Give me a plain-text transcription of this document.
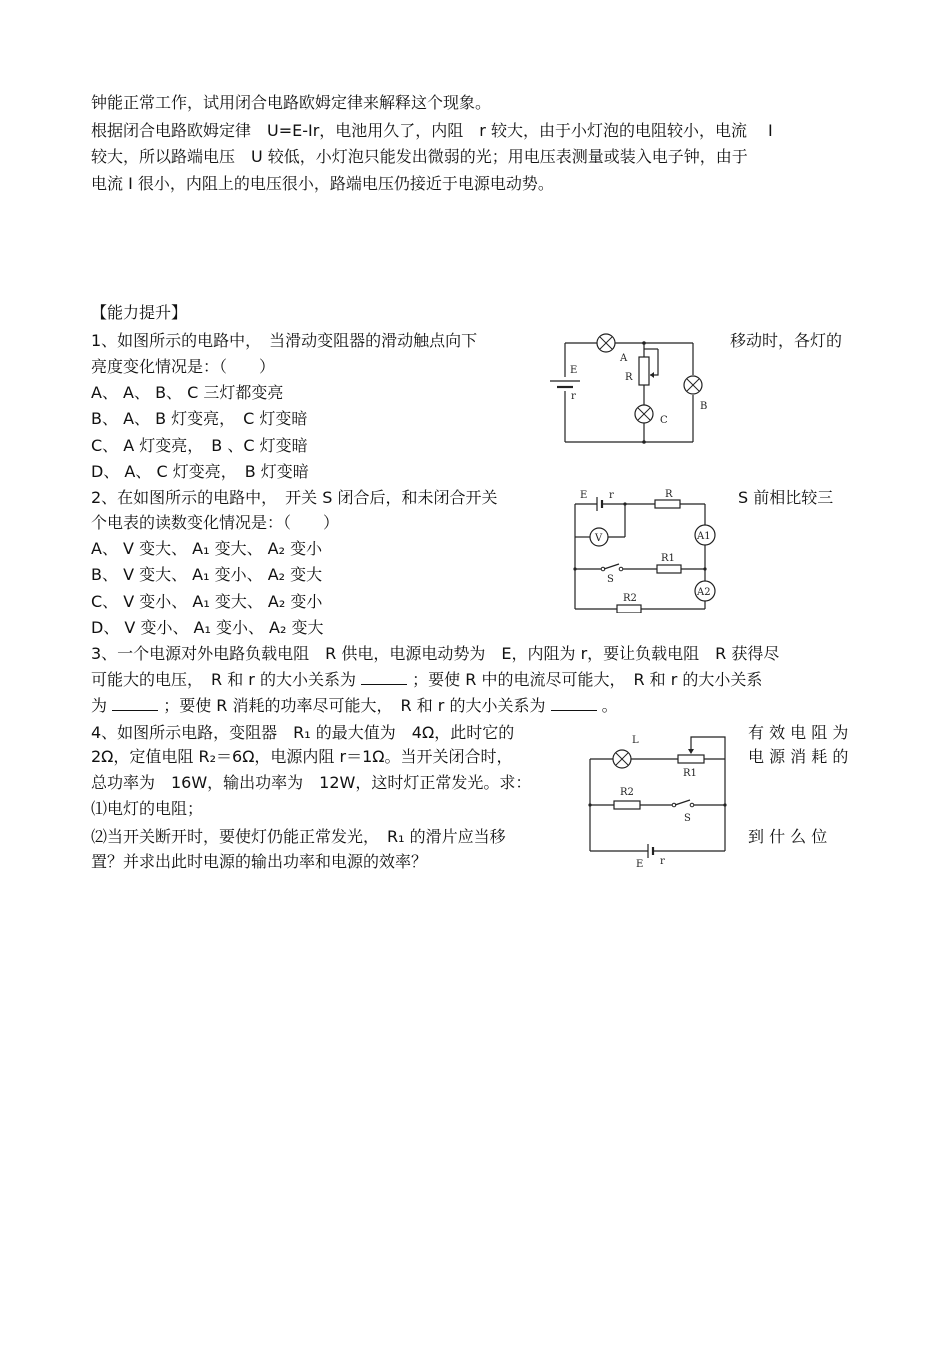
钟能正常工作，试用闭合电路欧姆定律来解释这个现象。
根据闭合电路欧姆定律　U=E-Ir，电池用久了，内阻　r 较大，由于小灯泡的电阻较小，电流　 I
较大，所以路端电压　U 较低，小灯泡只能发出微弱的光；用电压表测量或装入电子钟，由于
电流 I 很小，内阻上的电压很小，路端电压仍接近于电源电动势。
【能力提升】
1、如图所示的电路中，　当滑动变阻器的滑动触点向下	移动时，各灯的
亮度变化情况是：（　　）
A、 A、 B、 C 三灯都变亮
B、 A、 B 灯变亮，　C 灯变暗
C、 A 灯变亮，　B 、C 灯变暗
D、 A、 C 灯变亮，　B 灯变暗
E
r
A
R
C
B
2、在如图所示的电路中，　开关 S 闭合后，和未闭合开关	S 前相比较三
个电表的读数变化情况是：（　　）
A、 V 变大、 A₁ 变大、 A₂ 变小
B、 V 变大、 A₁ 变小、 A₂ 变大
C、 V 变小、 A₁ 变大、 A₂ 变小
D、 V 变小、 A₁ 变小、 A₂ 变大
E r	R
V	A1
S
R1
A2
R2
3、一个电源对外电路负载电阻　R 供电，电源电动势为　E，内阻为 r，要让负载电阻　R 获得尽
可能大的电压，　R 和 r 的大小关系为	；要使 R 中的电流尽可能大，　R 和 r 的大小关系
为	；要使 R 消耗的功率尽可能大，　R 和 r 的大小关系为	。
4、如图所示电路，变阻器　R₁ 的最大值为　4Ω，此时它的	有 效 电 阻 为
2Ω，定值电阻 R₂＝6Ω，电源内阻 r＝1Ω。当开关闭合时，	电 源 消 耗 的
总功率为　16W，输出功率为　12W，这时灯正常发光。求：
⑴电灯的电阻；
⑵当开关断开时，要使灯仍能正常发光，　R₁ 的滑片应当移	到 什 么 位
置？并求出此时电源的输出功率和电源的效率？
L
R1
R2
S
E r
